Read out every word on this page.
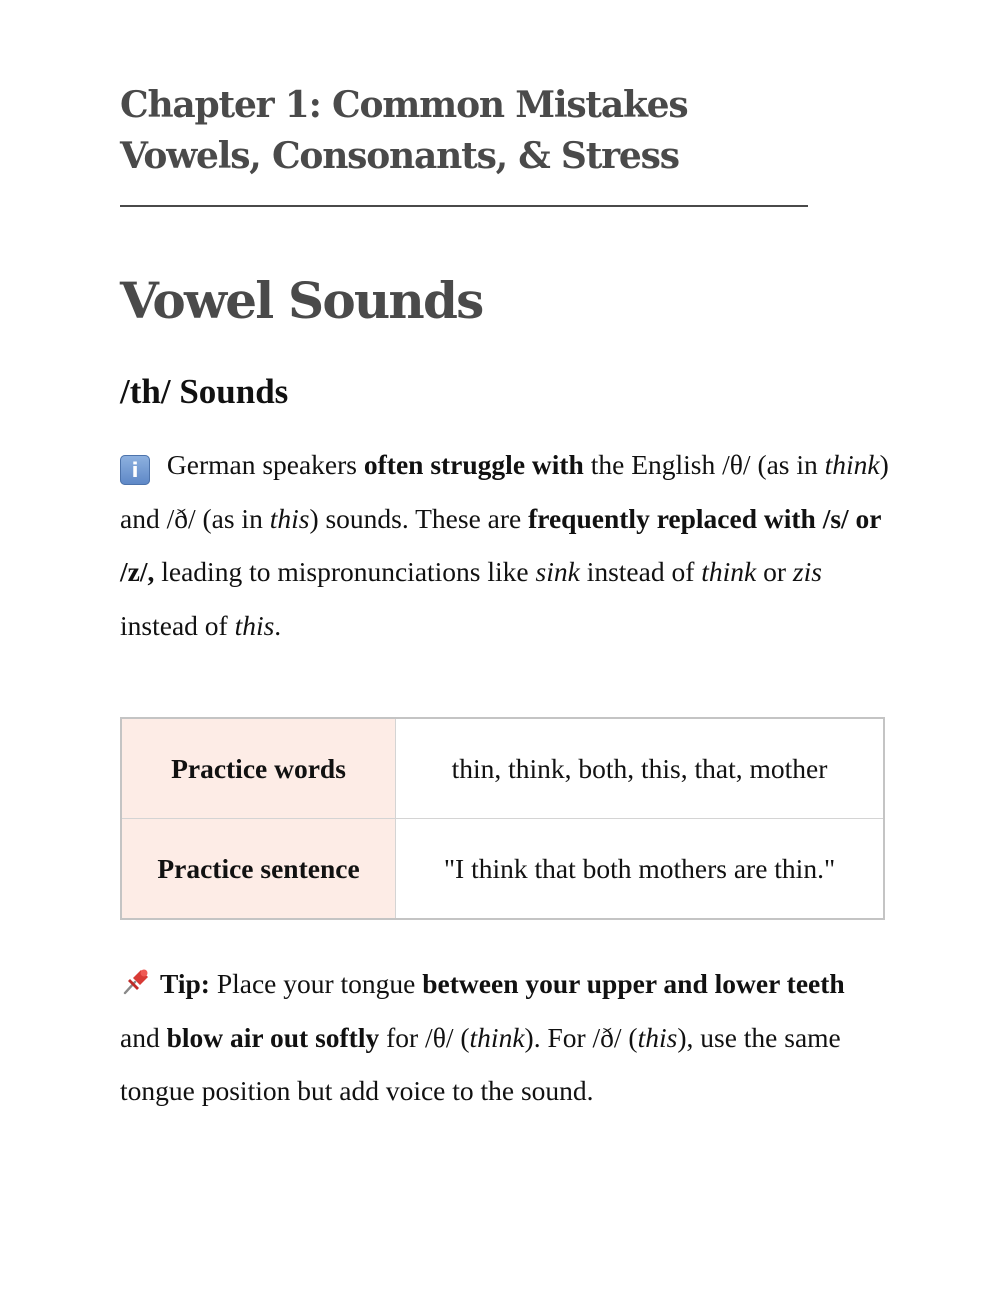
Chapter 1: Common Mistakes
Vowels, Consonants, & Stress
Vowel Sounds
/th/ Sounds

i German speakers often struggle with the English /θ/ (as in think) and /ð/ (as in this) sounds. These are frequently replaced with /s/ or /z/, leading to mispronunciations like sink instead of think or zis instead of this.

Practice words	thin, think, both, this, that, mother
Practice sentence	"I think that both mothers are thin."

Tip: Place your tongue between your upper and lower teeth and blow air out softly for /θ/ (think). For /ð/ (this), use the same tongue position but add voice to the sound.
